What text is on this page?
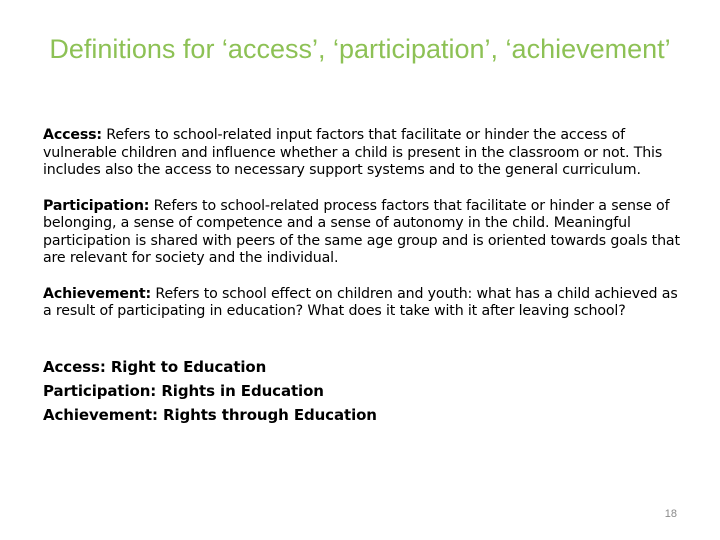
Definitions for ‘access’, ‘participation’, ‘achievement’

Access: Refers to school-related input factors that facilitate or hinder the access of vulnerable children and influence whether a child is present in the classroom or not. This includes also the access to necessary support systems and to the general curriculum.

Participation: Refers to school-related process factors that facilitate or hinder a sense of belonging, a sense of competence and a sense of autonomy in the child. Meaningful participation is shared with peers of the same age group and is oriented towards goals that are relevant for society and the individual.

Achievement: Refers to school effect on children and youth: what has a child achieved as a result of participating in education? What does it take with it after leaving school?

Access: Right to Education
Participation: Rights in Education
Achievement: Rights through Education
18
